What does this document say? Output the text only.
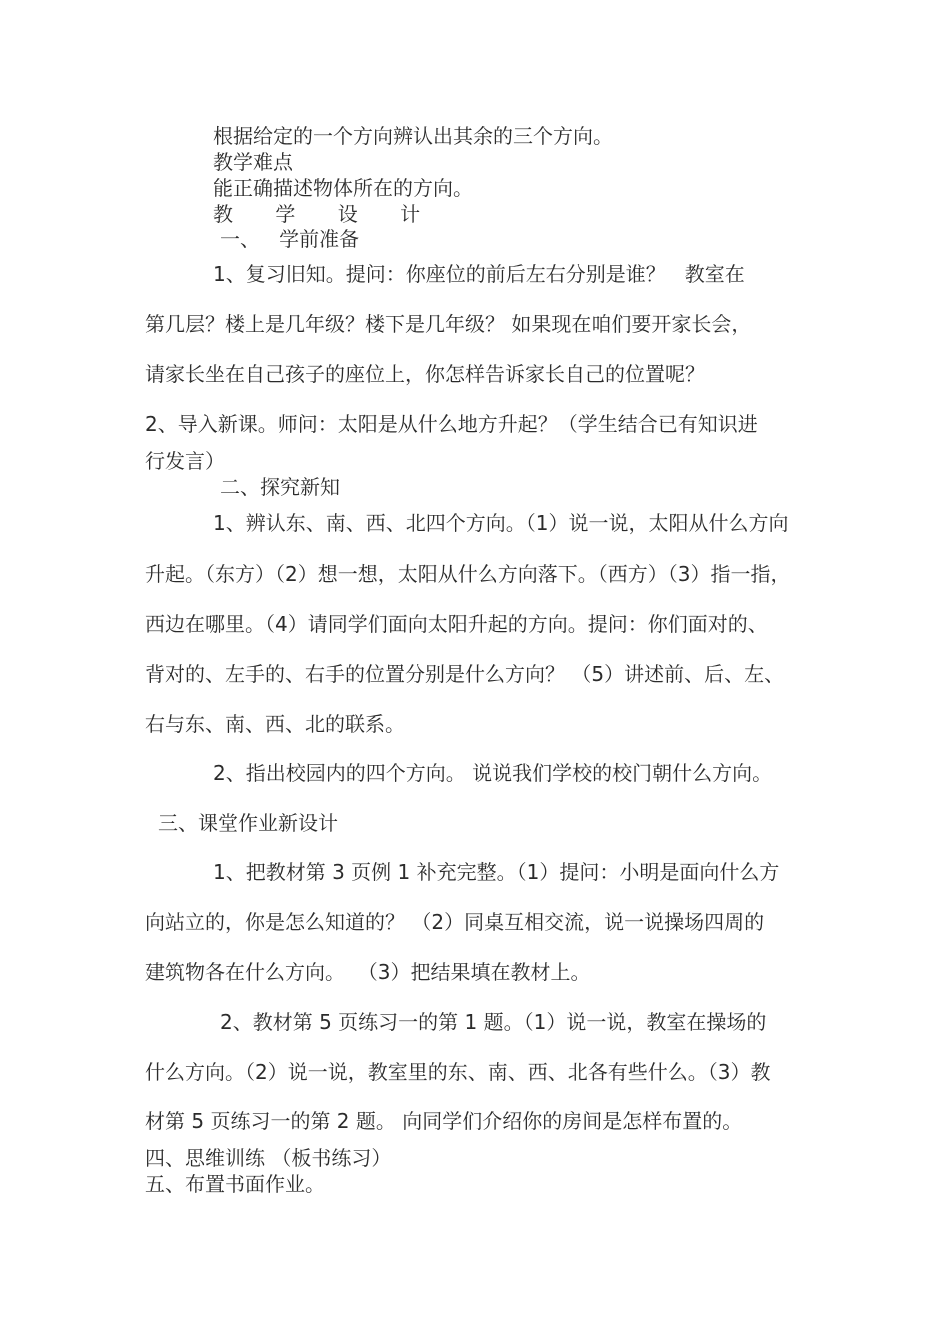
根据给定的一个方向辨认出其余的三个方向。
教学难点
能正确描述物体所在的方向。
教 学 设 计
一、   学前准备
1、复习旧知。提问：你座位的前后左右分别是谁？   教室在
第几层？楼上是几年级？楼下是几年级？ 如果现在咱们要开家长会，
请家长坐在自己孩子的座位上，你怎样告诉家长自己的位置呢？
2、导入新课。师问：太阳是从什么地方升起？（学生结合已有知识进
行发言）
二、探究新知
1、辨认东、南、西、北四个方向。（1）说一说，太阳从什么方向
升起。（东方）（2）想一想，太阳从什么方向落下。（西方）（3）指一指，
西边在哪里。（4）请同学们面向太阳升起的方向。提问：你们面对的、
背对的、左手的、右手的位置分别是什么方向？ （5）讲述前、后、左、
右与东、南、西、北的联系。
2、指出校园内的四个方向。 说说我们学校的校门朝什么方向。
三、课堂作业新设计
1、把教材第 3 页例 1 补充完整。（1）提问：小明是面向什么方
向站立的，你是怎么知道的？ （2）同桌互相交流，说一说操场四周的
建筑物各在什么方向。  （3）把结果填在教材上。
2、教材第 5 页练习一的第 1 题。（1）说一说，教室在操场的
什么方向。（2）说一说，教室里的东、南、西、北各有些什么。（3）教
材第 5 页练习一的第 2 题。 向同学们介绍你的房间是怎样布置的。
四、思维训练 （板书练习）
五、布置书面作业。
